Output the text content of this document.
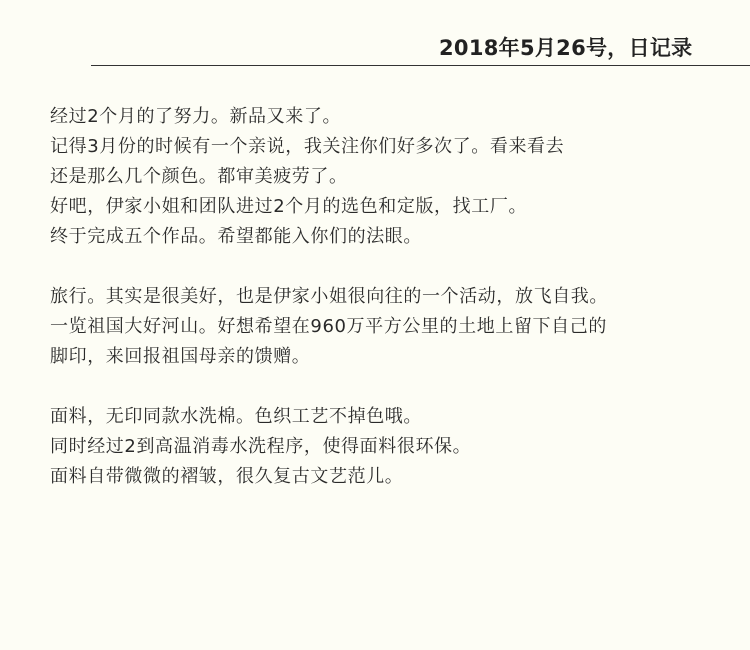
2018年5月26号，日记录
经过2个月的了努力。新品又来了。
记得3月份的时候有一个亲说，我关注你们好多次了。看来看去
还是那么几个颜色。都审美疲劳了。
好吧，伊家小姐和团队进过2个月的选色和定版，找工厂。
终于完成五个作品。希望都能入你们的法眼。
旅行。其实是很美好，也是伊家小姐很向往的一个活动，放飞自我。
一览祖国大好河山。好想希望在960万平方公里的土地上留下自己的
脚印，来回报祖国母亲的馈赠。
面料，无印同款水洗棉。色织工艺不掉色哦。
同时经过2到高温消毒水洗程序，使得面料很环保。
面料自带微微的褶皱，很久复古文艺范儿。
